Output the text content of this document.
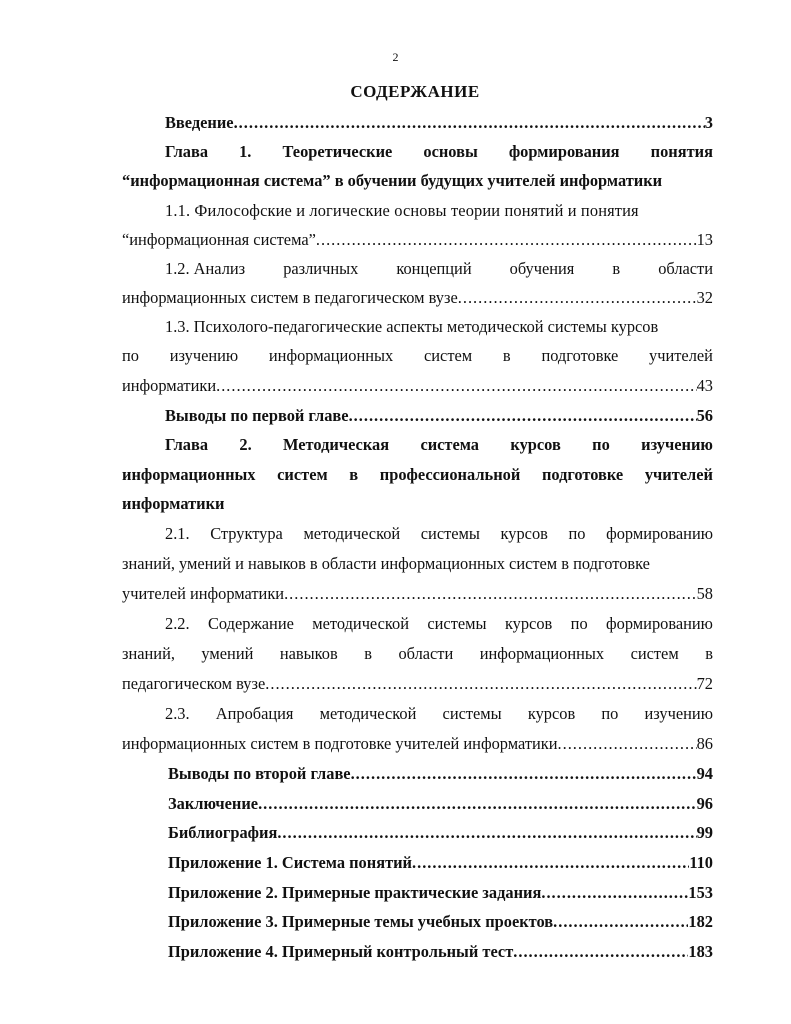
2
СОДЕРЖАНИЕ
Введение .....	3
Глава 1. Теоретические основы формирования понятия
“информационная система” в обучении будущих учителей информатики
1.1. Философские и логические основы теории понятий и понятия
“информационная система” .....	13
1.2. Анализ различных концепций обучения в области
информационных систем в педагогическом вузе .....	32
1.3. Психолого-педагогические аспекты методической системы курсов
по изучению информационных систем в подготовке учителей
информатики .....	43
Выводы по первой главе .....	56
Глава 2. Методическая система курсов по изучению
информационных систем в профессиональной подготовке учителей
информатики
2.1. Структура методической системы курсов по формированию
знаний, умений и навыков в области информационных систем в подготовке
учителей информатики .....	58
2.2. Содержание методической системы курсов по формированию
знаний, умений навыков в области информационных систем в
педагогическом вузе .....	72
2.3. Апробация методической системы курсов по изучению
информационных систем в подготовке учителей информатики .....	86
Выводы по второй главе .....	94
Заключение .....	96
Библиография .....	99
Приложение 1. Система понятий .....	110
Приложение 2. Примерные практические задания .....	153
Приложение 3. Примерные темы учебных проектов .....	182
Приложение 4. Примерный контрольный тест .....	183
